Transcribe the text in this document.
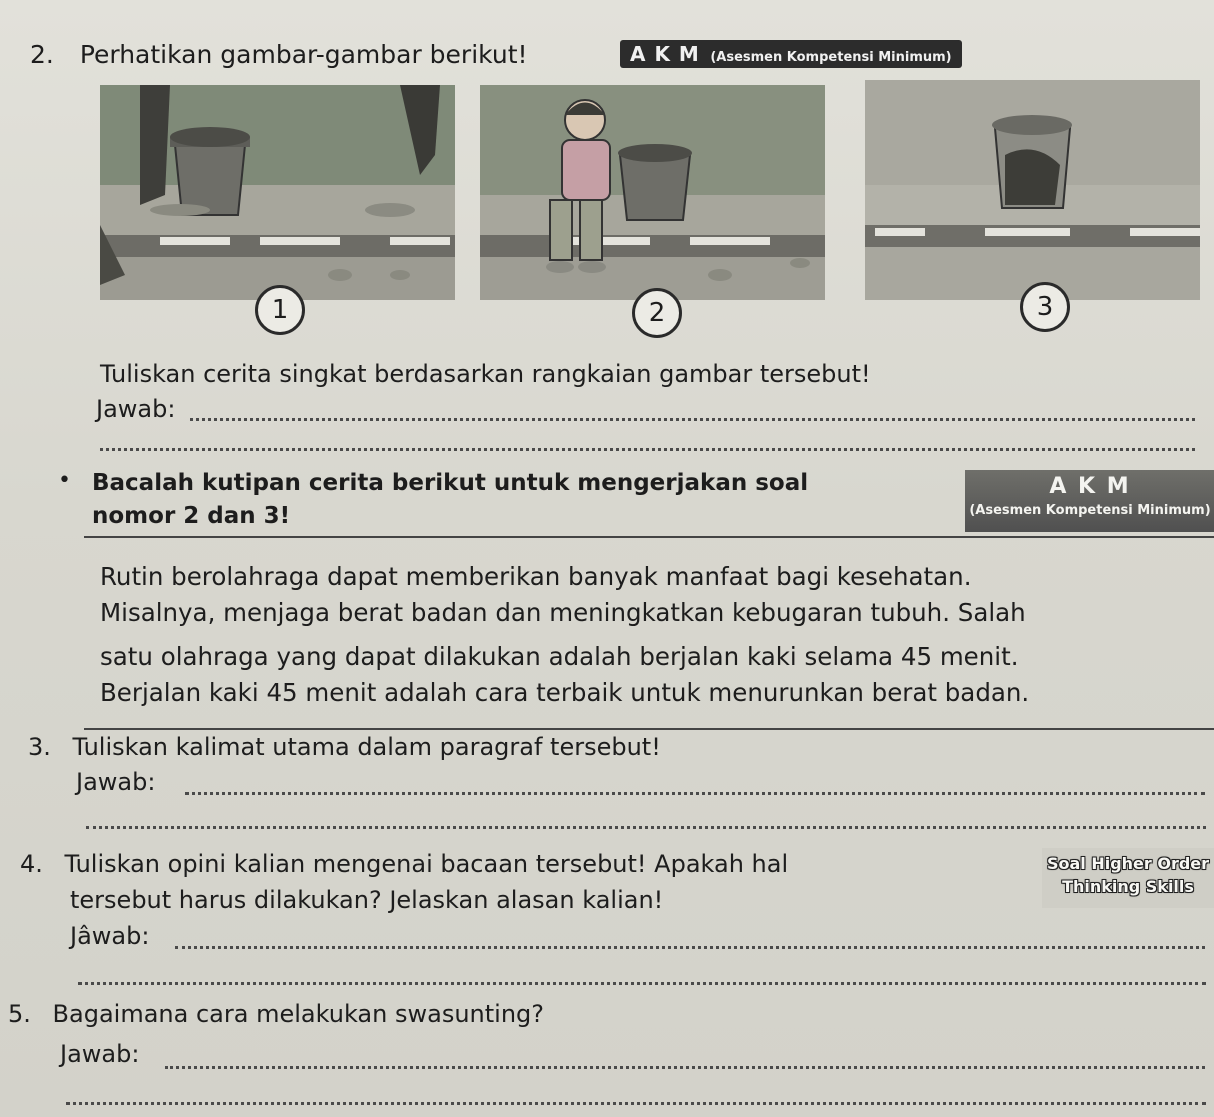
2. Perhatikan gambar-gambar berikut!	A K M (Asesmen Kompetensi Minimum)
1	2	3
Tuliskan cerita singkat berdasarkan rangkaian gambar tersebut!
Jawab:
• Bacalah kutipan cerita berikut untuk mengerjakan soal
nomor 2 dan 3!
A K M
(Asesmen Kompetensi Minimum)
Rutin berolahraga dapat memberikan banyak manfaat bagi kesehatan.
Misalnya, menjaga berat badan dan meningkatkan kebugaran tubuh. Salah
satu olahraga yang dapat dilakukan adalah berjalan kaki selama 45 menit.
Berjalan kaki 45 menit adalah cara terbaik untuk menurunkan berat badan.
3. Tuliskan kalimat utama dalam paragraf tersebut!
Jawab:
4. Tuliskan opini kalian mengenai bacaan tersebut! Apakah hal
tersebut harus dilakukan? Jelaskan alasan kalian!
Soal Higher Order
Thinking Skills
Jâwab:
5. Bagaimana cara melakukan swasunting?
Jawab:
